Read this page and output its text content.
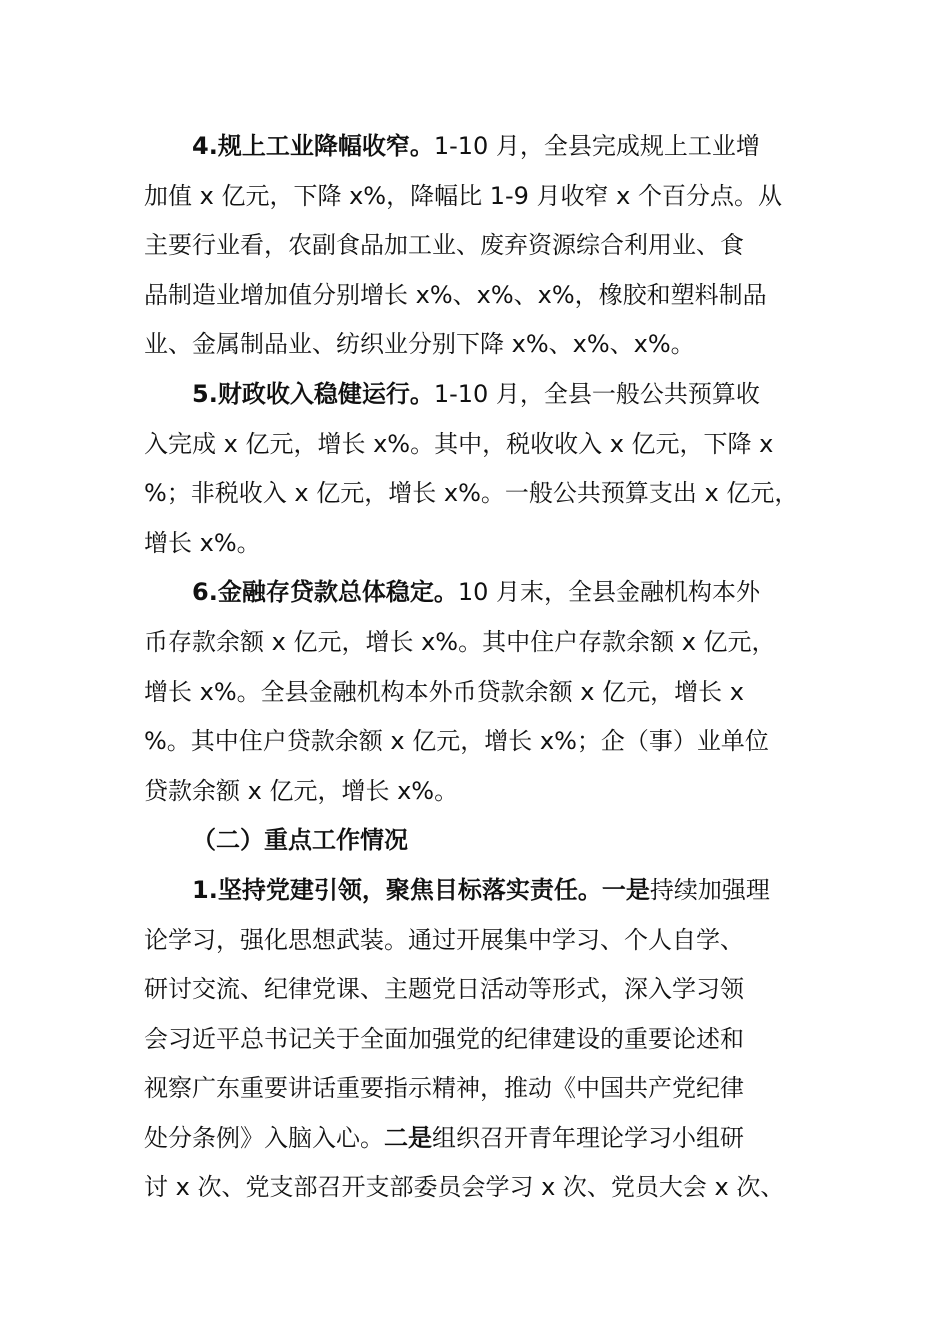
4.规上工业降幅收窄。1-10 月，全县完成规上工业增
加值 x 亿元，下降 x%，降幅比 1-9 月收窄 x 个百分点。从
主要行业看，农副食品加工业、废弃资源综合利用业、食
品制造业增加值分别增长 x%、x%、x%，橡胶和塑料制品
业、金属制品业、纺织业分别下降 x%、x%、x%。
5.财政收入稳健运行。1-10 月，全县一般公共预算收
入完成 x 亿元，增长 x%。其中，税收收入 x 亿元，下降 x
%；非税收入 x 亿元，增长 x%。一般公共预算支出 x 亿元，
增长 x%。
6.金融存贷款总体稳定。10 月末，全县金融机构本外
币存款余额 x 亿元，增长 x%。其中住户存款余额 x 亿元，
增长 x%。全县金融机构本外币贷款余额 x 亿元，增长 x
%。其中住户贷款余额 x 亿元，增长 x%；企（事）业单位
贷款余额 x 亿元，增长 x%。
（二）重点工作情况
1.坚持党建引领，聚焦目标落实责任。一是持续加强理
论学习，强化思想武装。通过开展集中学习、个人自学、
研讨交流、纪律党课、主题党日活动等形式，深入学习领
会习近平总书记关于全面加强党的纪律建设的重要论述和
视察广东重要讲话重要指示精神，推动《中国共产党纪律
处分条例》入脑入心。二是组织召开青年理论学习小组研
讨 x 次、党支部召开支部委员会学习 x 次、党员大会 x 次、
